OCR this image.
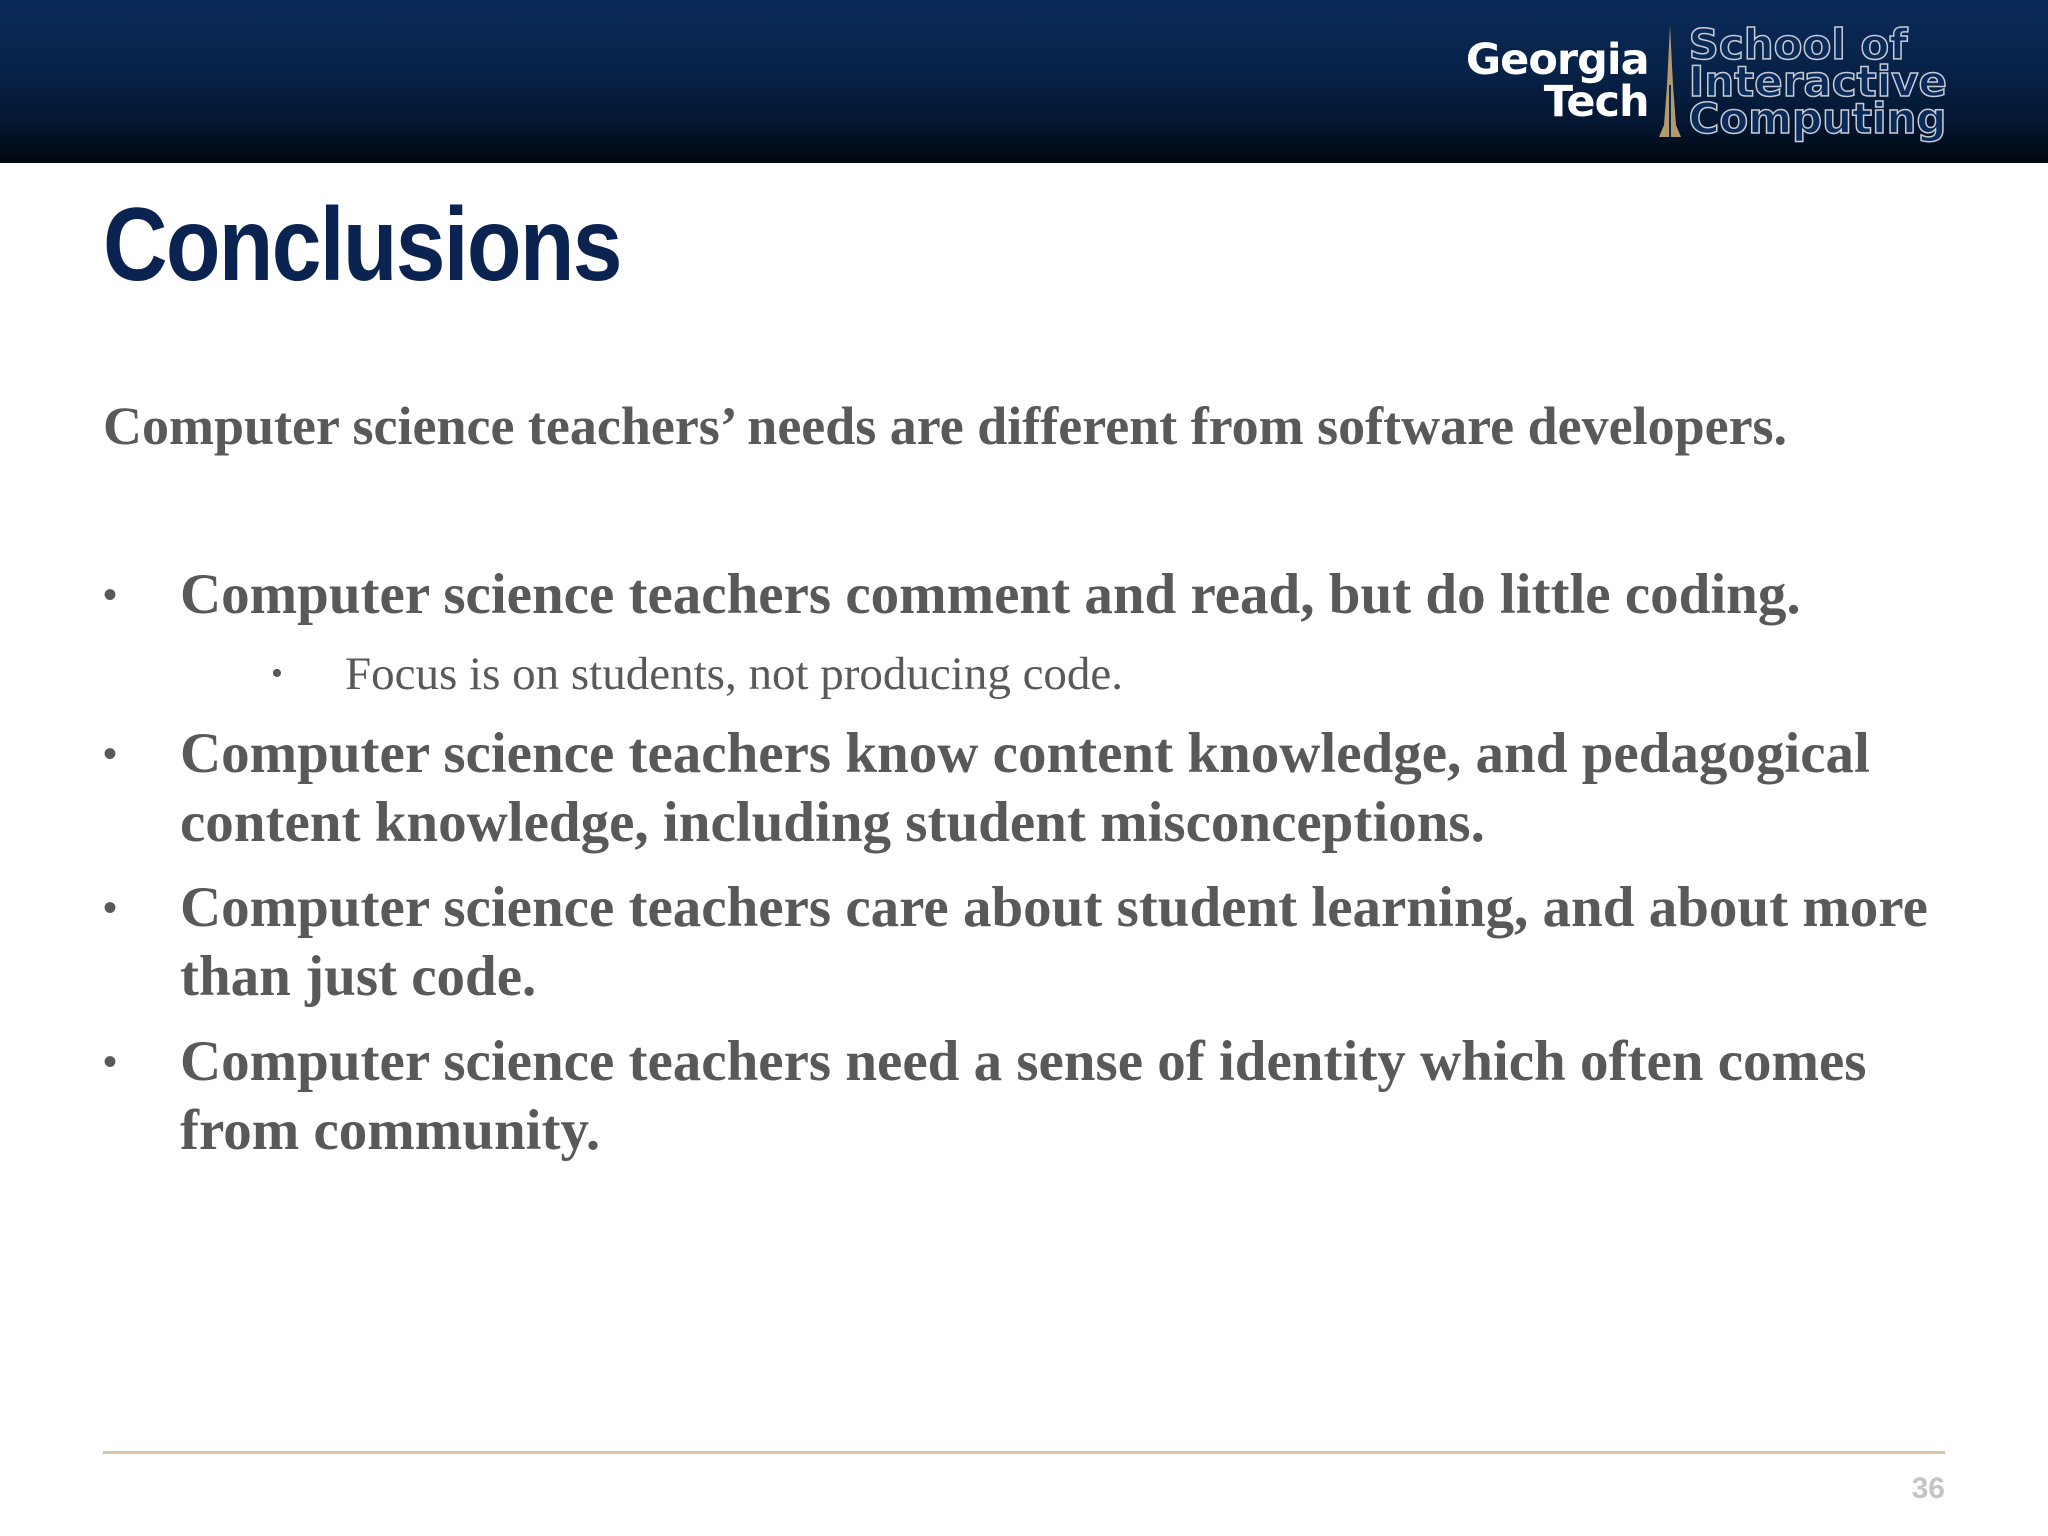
Georgia
Tech
School of
Interactive
Computing
Conclusions

Computer science teachers’ needs are different from software developers.

• Computer science teachers comment and read, but do little coding.
•	Focus is on students, not producing code.
• Computer science teachers know content knowledge, and pedagogical content knowledge, including student misconceptions.
• Computer science teachers care about student learning, and about more than just code.
• Computer science teachers need a sense of identity which often comes from community.
36
